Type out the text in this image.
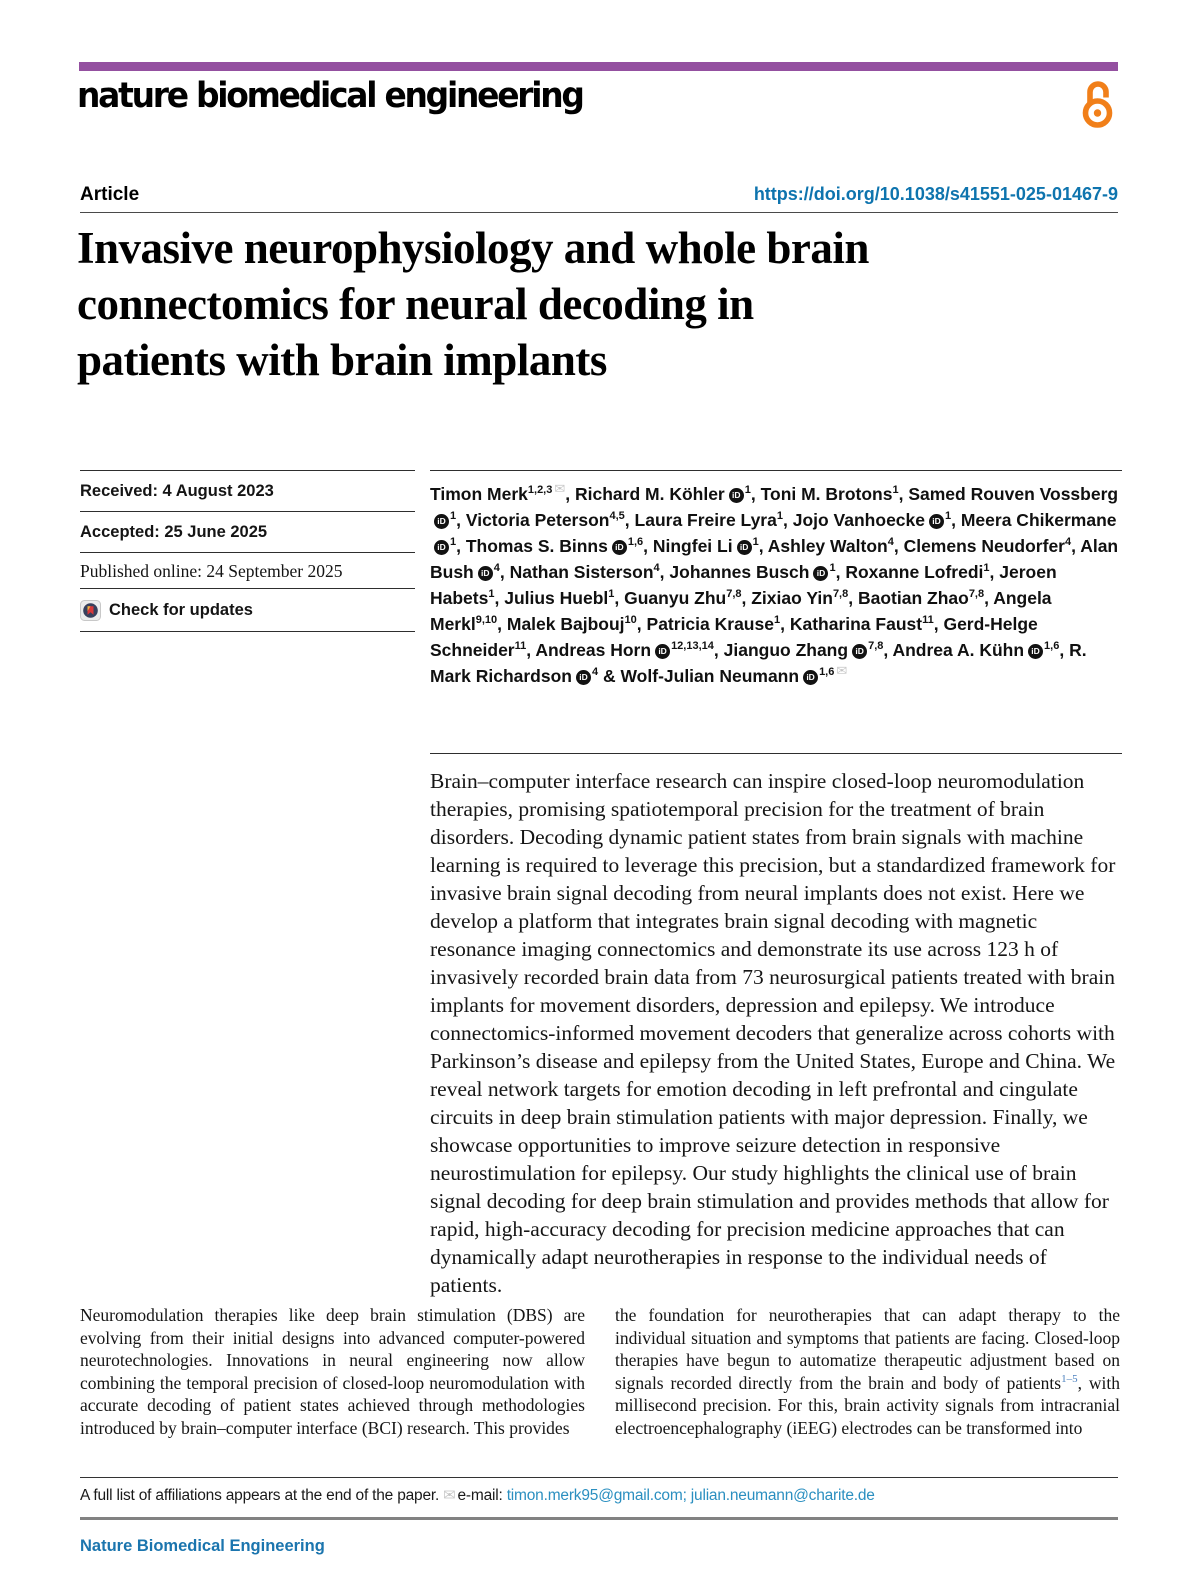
nature biomedical engineering
Article	https://doi.org/10.1038/s41551-025-01467-9
Invasive neurophysiology and whole brain
connectomics for neural decoding in
patients with brain implants
Received: 4 August 2023
Accepted: 25 June 2025
Published online: 24 September 2025
Check for updates
Timon Merk$^{1,2,3}$ ✉, Richard M. Köhler iD $^1$, Toni M. Brotons$^1$, Samed Rouven VossbergiD $^1$, Victoria Peterson$^{4,5}$, Laura Freire Lyra$^1$, Jojo Vanhoecke iD $^1$, Meera ChikermaneiD $^1$, Thomas S. Binns iD $^{1,6}$, Ningfei Li iD $^1$, Ashley Walton$^4$, Clemens Neudorfer$^4$, Alan Bush iD $^4$, Nathan Sisterson$^4$, Johannes Busch iD $^1$, Roxanne Lofredi$^1$, Jeroen Habets$^1$, Julius Huebl$^1$, Guanyu Zhu$^{7,8}$, Zixiao Yin$^{7,8}$, Baotian Zhao$^{7,8}$, Angela Merkl$^{9,10}$, Malek Bajbouj$^{10}$, Patricia Krause$^1$, Katharina Faust$^{11}$, Gerd-Helge Schneider$^{11}$, Andreas Horn iD $^{12,13,14}$, Jianguo Zhang iD $^{7,8}$, Andrea A. Kühn iD $^{1,6}$, R. Mark Richardson iD $^4$ & Wolf-Julian Neumann iD $^{1,6}$ ✉
Brain–computer interface research can inspire closed-loop neuromodulation therapies, promising spatiotemporal precision for the treatment of brain disorders. Decoding dynamic patient states from brain signals with machine learning is required to leverage this precision, but a standardized framework for invasive brain signal decoding from neural implants does not exist. Here we develop a platform that integrates brain signal decoding with magnetic resonance imaging connectomics and demonstrate its use across 123 h of invasively recorded brain data from 73 neurosurgical patients treated with brain implants for movement disorders, depression and epilepsy. We introduce connectomics-informed movement decoders that generalize across cohorts with Parkinson’s disease and epilepsy from the United States, Europe and China. We reveal network targets for emotion decoding in left prefrontal and cingulate circuits in deep brain stimulation patients with major depression. Finally, we showcase opportunities to improve seizure detection in responsive neurostimulation for epilepsy. Our study highlights the clinical use of brain signal decoding for deep brain stimulation and provides methods that allow for rapid, high-accuracy decoding for precision medicine approaches that can dynamically adapt neurotherapies in response to the individual needs of patients.
Neuromodulation therapies like deep brain stimulation (DBS) are evolving from their initial designs into advanced computer-powered neurotechnologies. Innovations in neural engineering now allow combining the temporal precision of closed-loop neuromodulation with accurate decoding of patient states achieved through methodologies introduced by brain–computer interface (BCI) research. This provides
the foundation for neurotherapies that can adapt therapy to the individual situation and symptoms that patients are facing. Closed-loop therapies have begun to automatize therapeutic adjustment based on signals recorded directly from the brain and body of patients$^{1-5}$, with millisecond precision. For this, brain activity signals from intracranial electroencephalography (iEEG) electrodes can be transformed into
A full list of affiliations appears at the end of the paper. ✉ e-mail: timon.merk95@gmail.com; julian.neumann@charite.de
Nature Biomedical Engineering
